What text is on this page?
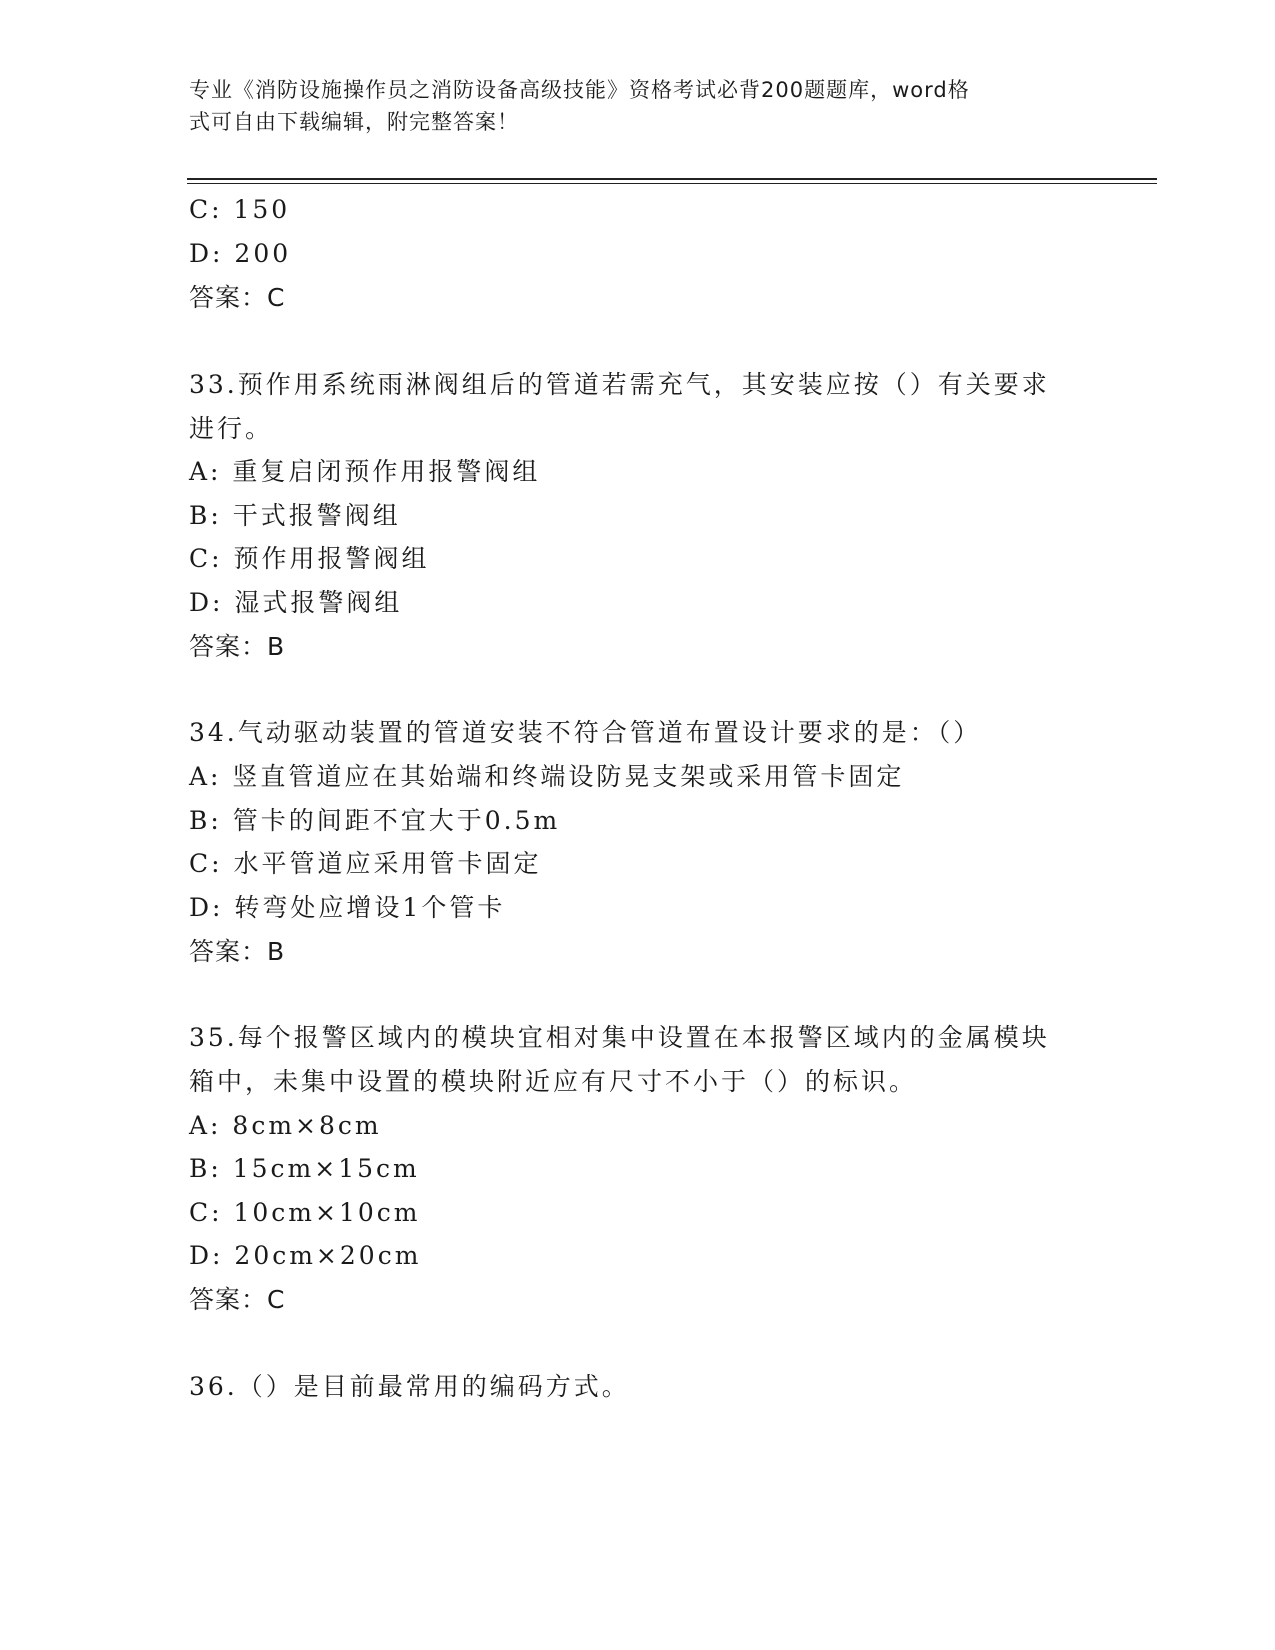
专业《消防设施操作员之消防设备高级技能》资格考试必背200题题库，word格
式可自由下载编辑，附完整答案！
C: 150
D: 200
答案：C
33.预作用系统雨淋阀组后的管道若需充气，其安装应按（）有关要求
进行。
A: 重复启闭预作用报警阀组
B: 干式报警阀组
C: 预作用报警阀组
D: 湿式报警阀组
答案：B
34.气动驱动装置的管道安装不符合管道布置设计要求的是：（）
A: 竖直管道应在其始端和终端设防晃支架或采用管卡固定
B: 管卡的间距不宜大于0.5m
C: 水平管道应采用管卡固定
D: 转弯处应增设1个管卡
答案：B
35.每个报警区域内的模块宜相对集中设置在本报警区域内的金属模块
箱中，未集中设置的模块附近应有尺寸不小于（）的标识。
A: 8cm×8cm
B: 15cm×15cm
C: 10cm×10cm
D: 20cm×20cm
答案：C
36.（）是目前最常用的编码方式。
